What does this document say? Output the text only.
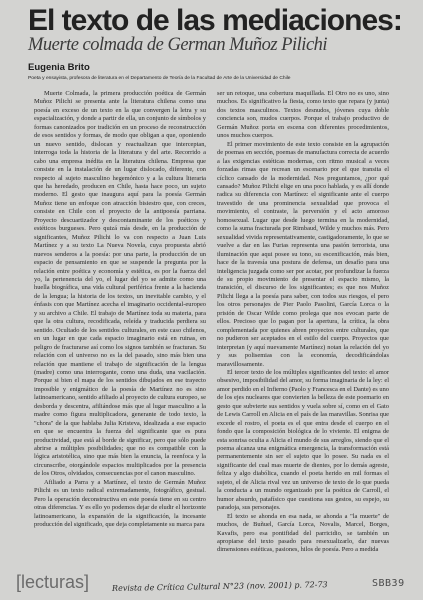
El texto de las mediaciones:
Muerte colmada de German Muñoz Pilichi
Eugenia Brito
Poeta y ensayista, profesora de literatura en el Departamento de Teoría de la Facultad de Arte de la Universidad de Chile

Muerte Colmada, la primera producción poética de Germán Muñoz Pilichi se presenta ante la literatura chilena como una poesía en exceso de un texto en la que convergen la letra y su espacialización, y donde a partir de ella, un conjunto de símbolos y formas canonizados por tradición en un proceso de reconstrucción de esos sentidos y formas, de modo que obligan a que, oponiendo un nuevo sentido, dislocan y reactualizan que interceptan, interroga toda la historia de la literatura y del arte. Recorrido a cabo una empresa inédita en la literatura chilena. Empresa que consiste en la instalación de un lugar dislocado, diferente, con respecto al sujeto masculino hegemónico y a la cultura literaria que ha heredado, producen en Chile, hasta hace poco, un sujeto moderno. El gesto que inaugura aquí para la poesía Germán Muñoz tiene un enfoque con atracción bisiestro que, con creces, consiste en Chile con el proyecto de la antipoesía parriana. Proyecto descuartizador y descontaminante de los poéticos y estéticos burgueses. Pero quizá más desde, en la producción de significantes, Muñoz Pilichi lo va con respecto a Juan Luis Martínez y a su texto La Nueva Novela, cuya propuesta abrió nuevos senderos a la poesía: por una parte, la producción de un espacio de pensamiento en que se suspende la pregunta por la relación entre poética y economía y estética, es por la fuerza del yo, la pertenencia del yo, el lugar del yo se admite como una huella biográfica, una vida cultural periférica frente a la hacienda de la lengua; la historia de los textos, un inevitable cambio, y el énfasis con que Martínez acecha el imaginario occidental-europeo y su archivo a Chile. El trabajo de Martínez toda su materia, para que la otra cultura, recodificada, releída y traducida perdiera su sentido. Ocultado de los sentidos culturales, en este caso chilenos, en un lugar en que cada espacio imaginario está en ruinas, en peligro de fracturarse así como los signos también se fracturan. Su relación con el universo no es la del pasado, sino más bien una relación que mantiene el trabajo de significación de la lengua (madre) como una interrogante, como una duda, una vacilación. Porque si bien el mapa de los sentidos dibujados en ese trayecto imposible y enigmático de la poesía de Martínez no es sino latinoamericano, sentido afiliado al proyecto de cultura europeo, se desborda y descentra, afiliándose más que al lugar masculino a la madre como figura multiplicadora, generante de todo texto, la "chora" de la que hablaba Julia Kristeva, idealizada a ese espacio en que se encuentra la fuerza del significante que es pura productividad, que está al borde de significar, pero que sólo puede abrirse a múltiples posibilidades; que no es compatible con la lógica aristotélica, sino que más bien la enuncia, la reenfoca y la circunscribe, otorgándole espacios multiplicados por la presencia de los Otros, olvidados, consecuencias por el canon masculino.

Afiliado a Parra y a Martínez, el texto de Germán Muñoz Pilichi es un texto radical extremadamente, fotográfico, gestual. Pero la operación deconstructiva en este poesía tiene en su centro otras diferencias. Y es ello yo podemos dejar de eludir el horizonte latinoamericano, la expansión de la significación, la incesante producción del significado, que deja completamente su marca para

ser un retoque, una cobertura maquillada. El Otro no es uno, sino muchos. Es significativo la fiesta, como texto que repara (y junta) dos textos masculinos. Textos desnudos, jóvenes cuya doble conciencia son, mudos cuerpos. Porque el trabajo productivo de Germán Muñoz porta en escena con diferentes procedimientos, unos muchos cuerpos.

El primer movimiento de este texto consiste en la agrupación de poemas en sección, poemas de manufactura correcta de acuerdo a las exigencias estéticas modernas, con ritmo musical a veces forzadas rimas que recrean un escenario por el que transita el cíclico cansado de la modernidad. Nos preguntamos, ¿por qué cansado? Muñoz Pilichi elige en una poco hablada, y es allí donde radica su diferencia con Martínez: el significante ante el cuerpo travestido de una prominencia sexualidad que provoca el movimiento, el contraste, la perversión y el acto amoroso homosexual. Lugar que desde luego termina en la modernidad, como la suma fracturada por Rimbaud, Wilde y muchos más. Pero sexualidad vivida representativamente, castigadoramente, lo que se vuelve a dar en las Furias representa una pasión terrorista, una iluminación que aqui posee su tono, su escenificación, más bien, hace de la travesía una postura de defensa, un desafío para una inteligencia juzgada como ser por acotar, por profundizar la fuerza de su propio movimiento de presentar el espacio mismo, la transición, el discurso de los significantes; es que nos Muñoz Pilichi llega a la poesía para saber, con todos sus riesgos, el pero los otros personajes de Pier Paolo Pasolini, García Lorca o la prisión de Oscar Wilde como prolega que nos evocan parte de ellos. Precioso que lo pagan por la apertura, la crítica, la obra complementada por quienes abren proyectos entre culturales, que no pudieron ser aceptados en el estilo del cuerpo. Proyectos que interpretan (y aquí nuevamente Martínez) notan la relación del yo y sus polisemias con la economía, decodificándolas maravillosamente.

El tercer texto de los múltiples significantes del texto: el amor obsesivo, imposibilidad del amor, su forma imaginaria de la ley: el amor perdido en el Infierno (Paolo y Francesca en el Dante) es uno de los ejes nucleares que convierten la belleza de este poemario en gesto que subvierte sus sentidos y vuela sobre sí, como en el Gato de Lewis Carroll en Alicia en el país de las maravillas. Sonrisa que excede el rostro, el poeta es el que entra desde el cuerpo en el fondo que la composición biológica de lo viviente. El enigma de esta sonrisa oculta a Alicia el mundo de sus arreglos, siendo que el poema alcanza una enigmática emergencia, la transformación está permanentemente sin ser el sujeto que lo posee. Su nada es el significante del cual mas muerte de dientes, por lo demás agreste, feliza y algo diabólica, cuando el poeta herido en mil formas el sujeto, el de Alicia rival vez un universo de texto de lo que pueda la conducta a un mundo organizado por la poética de Carroll, el humor absurdo, patafísico que cuestiona sus gestos, su espejo, su paradoja, sus personajes.

El texto se ahonda en esa nada, se ahonda a "la muerte" de muchos, de Buñuel, García Lorca, Novalis, Marcel, Borges, Kavafis, pero esa pontifidad del parricidio, se también un apropiarse del texto pasado para resexualizarlo, dar nuevas dimensiones estéticas, pasiones, hilos de poesía. Pero a medida

[lecturas]	Revista de Crítica Cultural N°23 (nov. 2001) p. 72-73	SBB39
